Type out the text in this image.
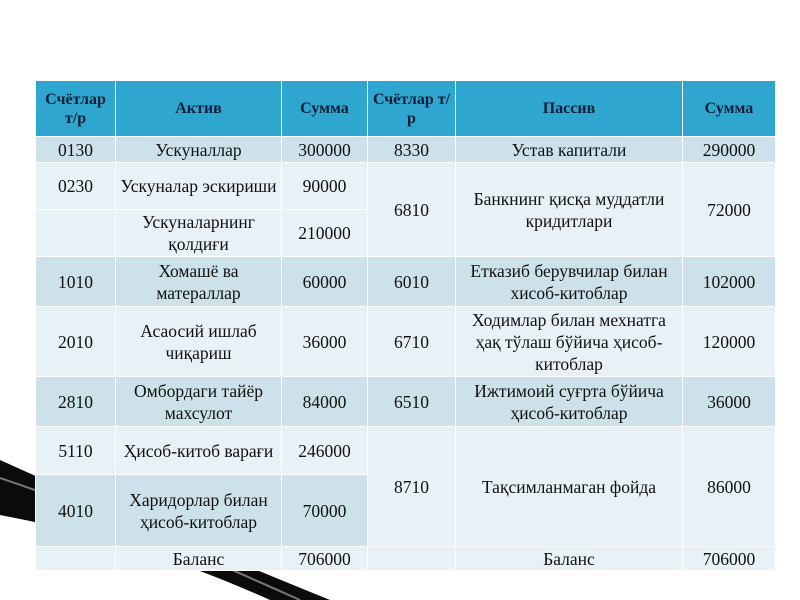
Счётлар т/р	Актив	Сумма	Счётлар т/р	Пассив	Сумма
0130	Ускуналлар	300000	8330	Устав капитали	290000
0230	Ускуналар эскириши	90000	6810	Банкнинг қисқа муддатли кридитлари	72000
	Ускуналарнинг қолдиғи	210000			
1010	Хомашё ва матераллар	60000	6010	Етказиб берувчилар билан хисоб-китоблар	102000
2010	Асаосий ишлаб чиқариш	36000	6710	Ходимлар билан мехнатга ҳақ тўлаш бўйича ҳисоб-китоблар	120000
2810	Омбордаги тайёр махсулот	84000	6510	Ижтимоий суғрта бўйича ҳисоб-китоблар	36000
5110	Ҳисоб-китоб варағи	246000	8710	Тақсимланмаган фойда	86000
4010	Харидорлар билан ҳисоб-китоблар	70000			
	Баланс	706000		Баланс	706000
